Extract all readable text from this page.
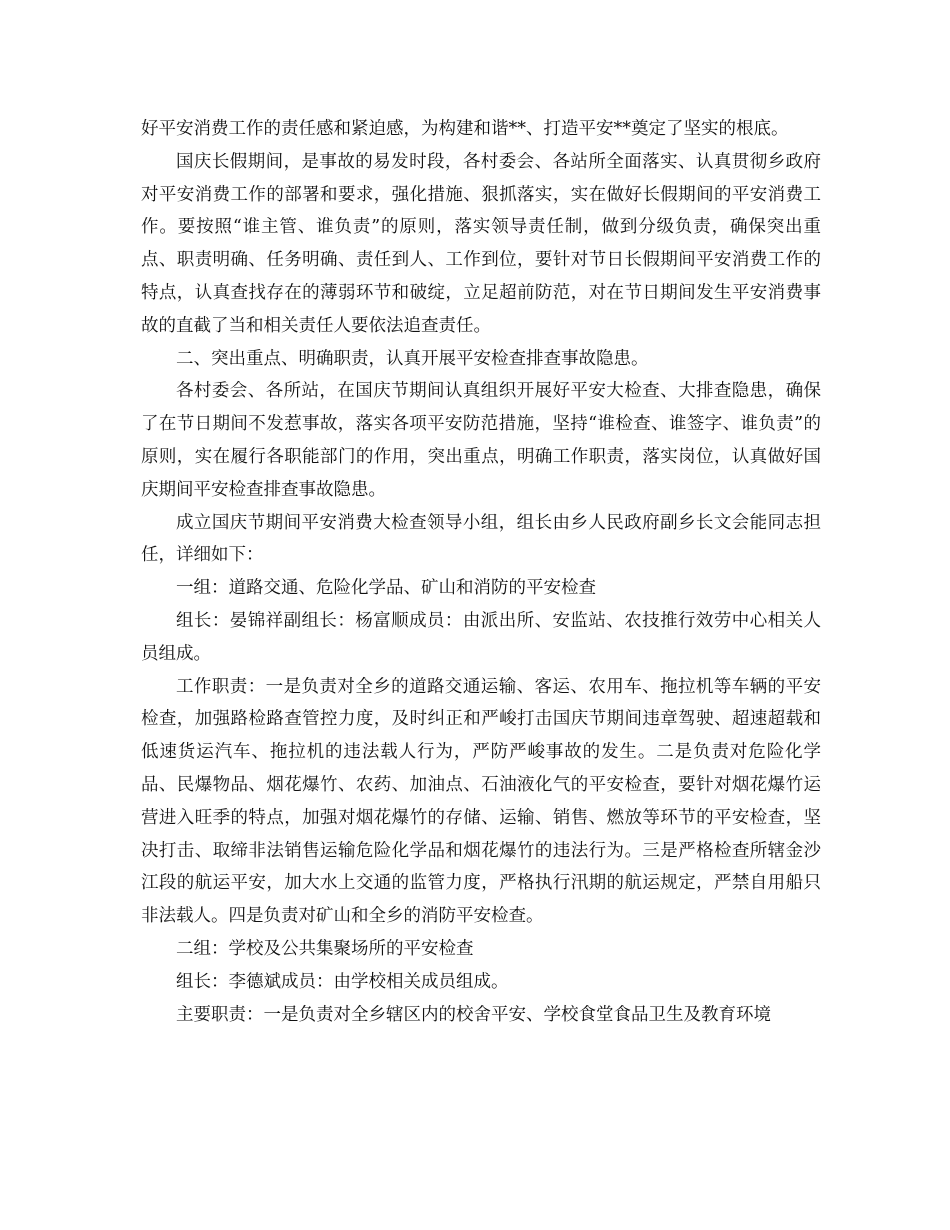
好平安消费工作的责任感和紧迫感，为构建和谐**、打造平安**奠定了坚实的根底。

国庆长假期间，是事故的易发时段，各村委会、各站所全面落实、认真贯彻乡政府对平安消费工作的部署和要求，强化措施、狠抓落实，实在做好长假期间的平安消费工作。要按照“谁主管、谁负责”的原则，落实领导责任制，做到分级负责，确保突出重点、职责明确、任务明确、责任到人、工作到位，要针对节日长假期间平安消费工作的特点，认真查找存在的薄弱环节和破绽，立足超前防范，对在节日期间发生平安消费事故的直截了当和相关责任人要依法追查责任。

二、突出重点、明确职责，认真开展平安检查排查事故隐患。

各村委会、各所站，在国庆节期间认真组织开展好平安大检查、大排查隐患，确保了在节日期间不发惹事故，落实各项平安防范措施，坚持“谁检查、谁签字、谁负责”的原则，实在履行各职能部门的作用，突出重点，明确工作职责，落实岗位，认真做好国庆期间平安检查排查事故隐患。

成立国庆节期间平安消费大检查领导小组，组长由乡人民政府副乡长文会能同志担任，详细如下：

一组：道路交通、危险化学品、矿山和消防的平安检查

组长：晏锦祥副组长：杨富顺成员：由派出所、安监站、农技推行效劳中心相关人员组成。

工作职责：一是负责对全乡的道路交通运输、客运、农用车、拖拉机等车辆的平安检查，加强路检路查管控力度，及时纠正和严峻打击国庆节期间违章驾驶、超速超载和低速货运汽车、拖拉机的违法载人行为，严防严峻事故的发生。二是负责对危险化学品、民爆物品、烟花爆竹、农药、加油点、石油液化气的平安检查，要针对烟花爆竹运营进入旺季的特点，加强对烟花爆竹的存储、运输、销售、燃放等环节的平安检查，坚决打击、取缔非法销售运输危险化学品和烟花爆竹的违法行为。三是严格检查所辖金沙江段的航运平安，加大水上交通的监管力度，严格执行汛期的航运规定，严禁自用船只非法载人。四是负责对矿山和全乡的消防平安检查。

二组：学校及公共集聚场所的平安检查

组长：李德斌成员：由学校相关成员组成。

主要职责：一是负责对全乡辖区内的校舍平安、学校食堂食品卫生及教育环境
